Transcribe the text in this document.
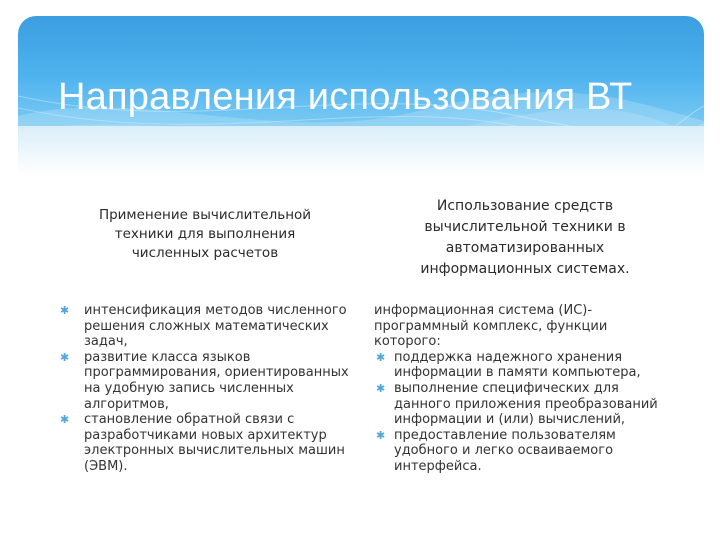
Направления использования ВТ
Применение вычислительной техники для выполнения численных расчетов
Использование средств вычислительной техники в автоматизированных информационных системах.
✱ интенсификация методов численного решения сложных математических задач,
✱ развитие класса языков программирования, ориентированных на удобную запись численных алгоритмов,
✱ становление обратной связи с разработчиками новых архитектур электронных вычислительных машин (ЭВМ).

информационная система (ИС)- программный комплекс, функции которого:

✱ поддержка надежного хранения информации в памяти компьютера,
✱ выполнение специфических для данного приложения преобразований информации и (или) вычислений,
✱ предоставление пользователям удобного и легко осваиваемого интерфейса.
